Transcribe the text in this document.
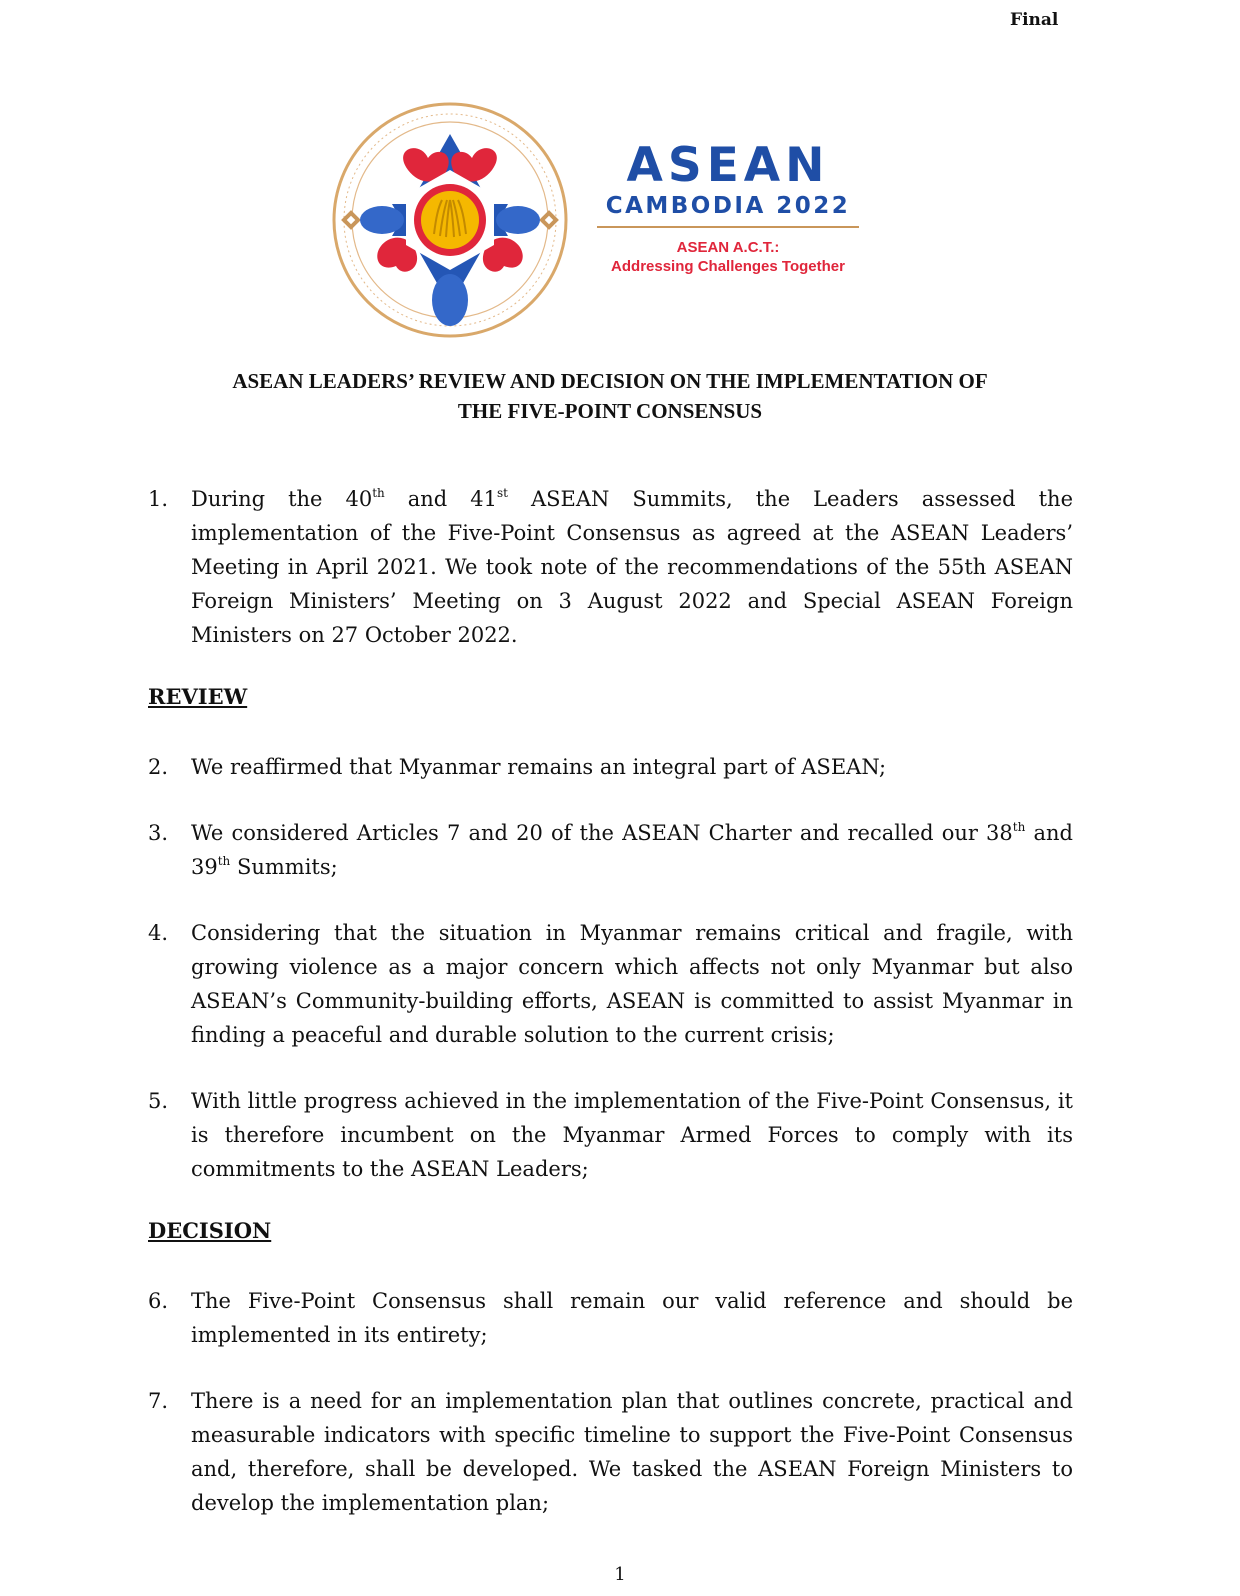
Final
ASEAN
CAMBODIA 2022
ASEAN A.C.T.:
Addressing Challenges Together
ASEAN LEADERS’ REVIEW AND DECISION ON THE IMPLEMENTATION OF
THE FIVE-POINT CONSENSUS
1. During the 40th and 41st ASEAN Summits, the Leaders assessed the implementation of the Five-Point Consensus as agreed at the ASEAN Leaders’ Meeting in April 2021. We took note of the recommendations of the 55th ASEAN Foreign Ministers’ Meeting on 3 August 2022 and Special ASEAN Foreign Ministers on 27 October 2022.
REVIEW
2. We reaffirmed that Myanmar remains an integral part of ASEAN;
3. We considered Articles 7 and 20 of the ASEAN Charter and recalled our 38th and 39th Summits;
4. Considering that the situation in Myanmar remains critical and fragile, with growing violence as a major concern which affects not only Myanmar but also ASEAN’s Community-building efforts, ASEAN is committed to assist Myanmar in finding a peaceful and durable solution to the current crisis;
5. With little progress achieved in the implementation of the Five-Point Consensus, it is therefore incumbent on the Myanmar Armed Forces to comply with its commitments to the ASEAN Leaders;
DECISION
6. The Five-Point Consensus shall remain our valid reference and should be implemented in its entirety;
7. There is a need for an implementation plan that outlines concrete, practical and measurable indicators with specific timeline to support the Five-Point Consensus and, therefore, shall be developed. We tasked the ASEAN Foreign Ministers to develop the implementation plan;
1
